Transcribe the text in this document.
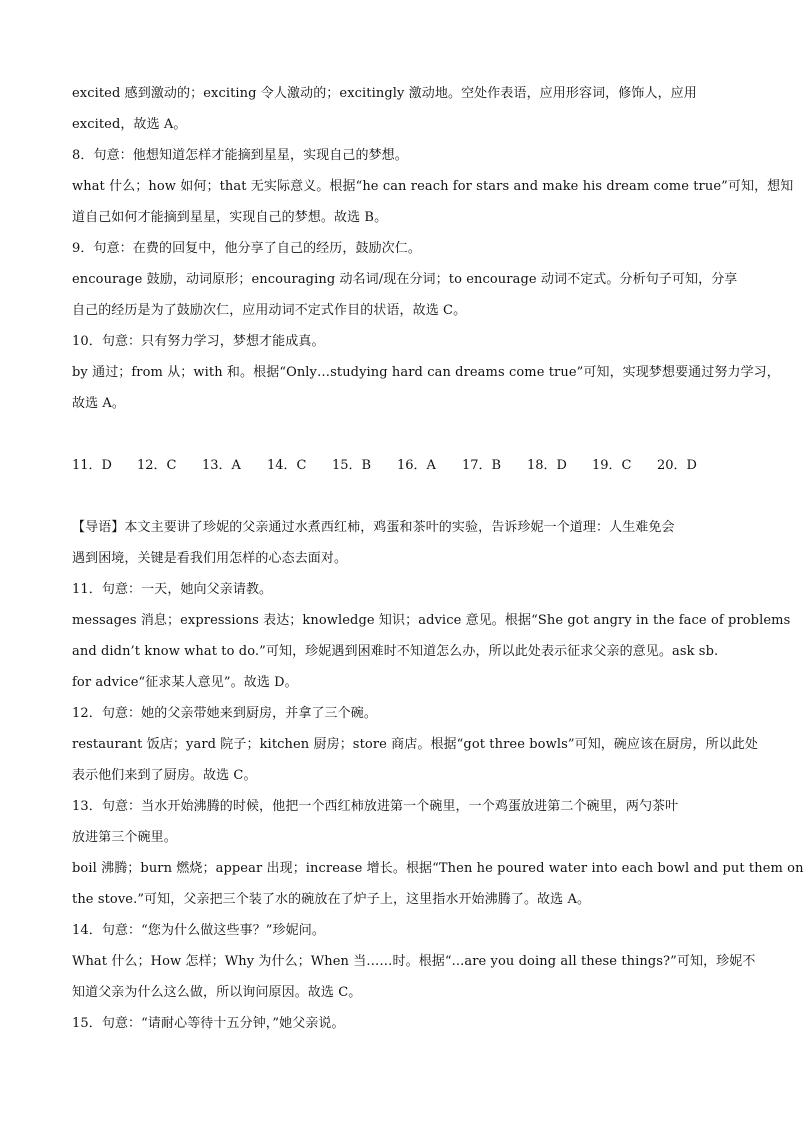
excited 感到激动的；exciting 令人激动的；excitingly 激动地。空处作表语，应用形容词，修饰人，应用
excited，故选 A。
8．句意：他想知道怎样才能摘到星星，实现自己的梦想。
what 什么；how 如何；that 无实际意义。根据“he can reach for stars and make his dream come true”可知，想知
道自己如何才能摘到星星，实现自己的梦想。故选 B。
9．句意：在费的回复中，他分享了自己的经历，鼓励次仁。
encourage 鼓励，动词原形；encouraging 动名词/现在分词；to encourage 动词不定式。分析句子可知，分享
自己的经历是为了鼓励次仁，应用动词不定式作目的状语，故选 C。
10．句意：只有努力学习，梦想才能成真。
by 通过；from 从；with 和。根据“Only…studying hard can dreams come true”可知，实现梦想要通过努力学习，
故选 A。
11．D	12．C	13．A	14．C	15．B	16．A	17．B	18．D	19．C	20．D
【导语】本文主要讲了珍妮的父亲通过水煮西红柿，鸡蛋和茶叶的实验，告诉珍妮一个道理：人生难免会
遇到困境，关键是看我们用怎样的心态去面对。
11．句意：一天，她向父亲请教。
messages 消息；expressions 表达；knowledge 知识；advice 意见。根据“She got angry in the face of problems
and didn’t know what to do.”可知，珍妮遇到困难时不知道怎么办，所以此处表示征求父亲的意见。ask sb.
for advice“征求某人意见”。故选 D。
12．句意：她的父亲带她来到厨房，并拿了三个碗。
restaurant 饭店；yard 院子；kitchen 厨房；store 商店。根据“got three bowls”可知，碗应该在厨房，所以此处
表示他们来到了厨房。故选 C。
13．句意：当水开始沸腾的时候，他把一个西红柿放进第一个碗里，一个鸡蛋放进第二个碗里，两勺茶叶
放进第三个碗里。
boil 沸腾；burn 燃烧；appear 出现；increase 增长。根据“Then he poured water into each bowl and put them on
the stove.”可知，父亲把三个装了水的碗放在了炉子上，这里指水开始沸腾了。故选 A。
14．句意：“您为什么做这些事？”珍妮问。
What 什么；How 怎样；Why 为什么；When 当……时。根据“...are you doing all these things?”可知，珍妮不
知道父亲为什么这么做，所以询问原因。故选 C。
15．句意：“请耐心等待十五分钟，”她父亲说。
